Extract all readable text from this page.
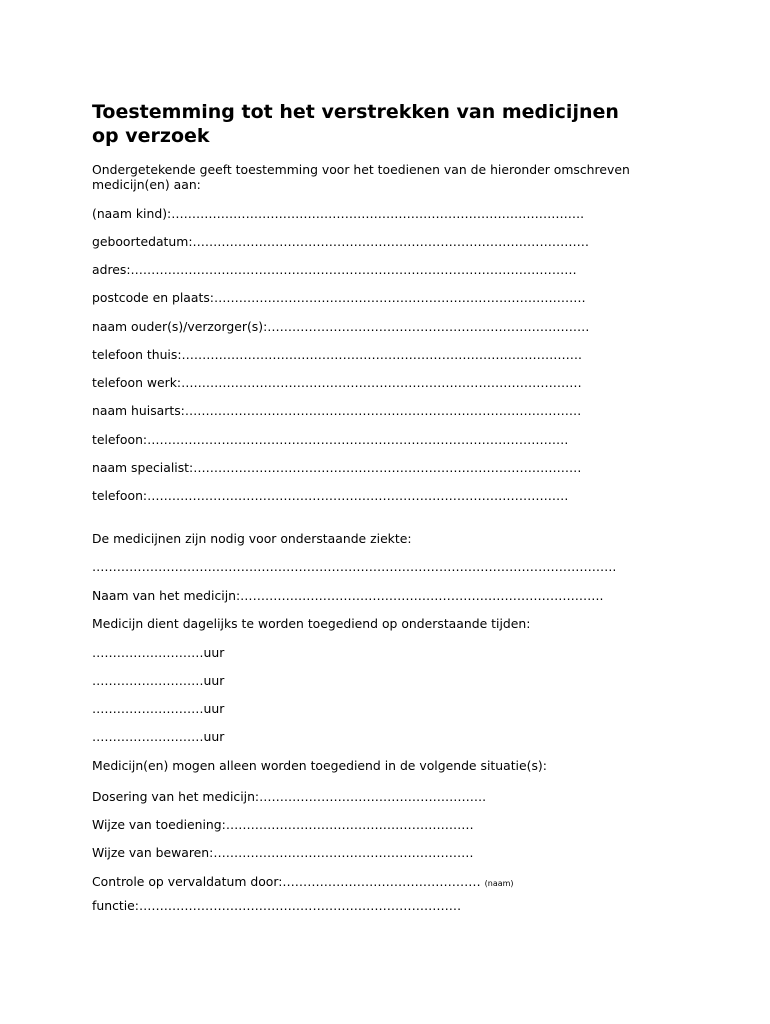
Toestemming tot het verstrekken van medicijnen op verzoek

Ondergetekende geeft toestemming voor het toedienen van de hieronder omschreven medicijn(en) aan:

(naam kind):……………………………………………………………………………………….

geboortedatum:……………………………………………………………………………………

adres:………………………………………………………………………………………………

postcode en plaats:………………………………………………………………………………

naam ouder(s)/verzorger(s):……………………………………………………………………

telefoon thuis:…………………………………………………………………………………….

telefoon werk:…………………………………………………………………………………….

naam huisarts:……………………………………………………………………………………

telefoon:…………………………………………………………………………………………

naam specialist:………………………………………………………………………………….

telefoon:…………………………………………………………………………………………

De medicijnen zijn nodig voor onderstaande ziekte:

……………………………………………………………………………………………………………….

Naam van het medicijn:…………………………………………………………………………….

Medicijn dient dagelijks te worden toegediend op onderstaande tijden:

………………………uur

………………………uur

………………………uur

………………………uur

Medicijn(en) mogen alleen worden toegediend in de volgende situatie(s):

Dosering van het medicijn:……………………………………………….

Wijze van toediening:……………………………………………………

Wijze van bewaren:………………………………………………………

Controle op vervaldatum door:………………………………………… (naam)

functie:……………………………………………………………………
